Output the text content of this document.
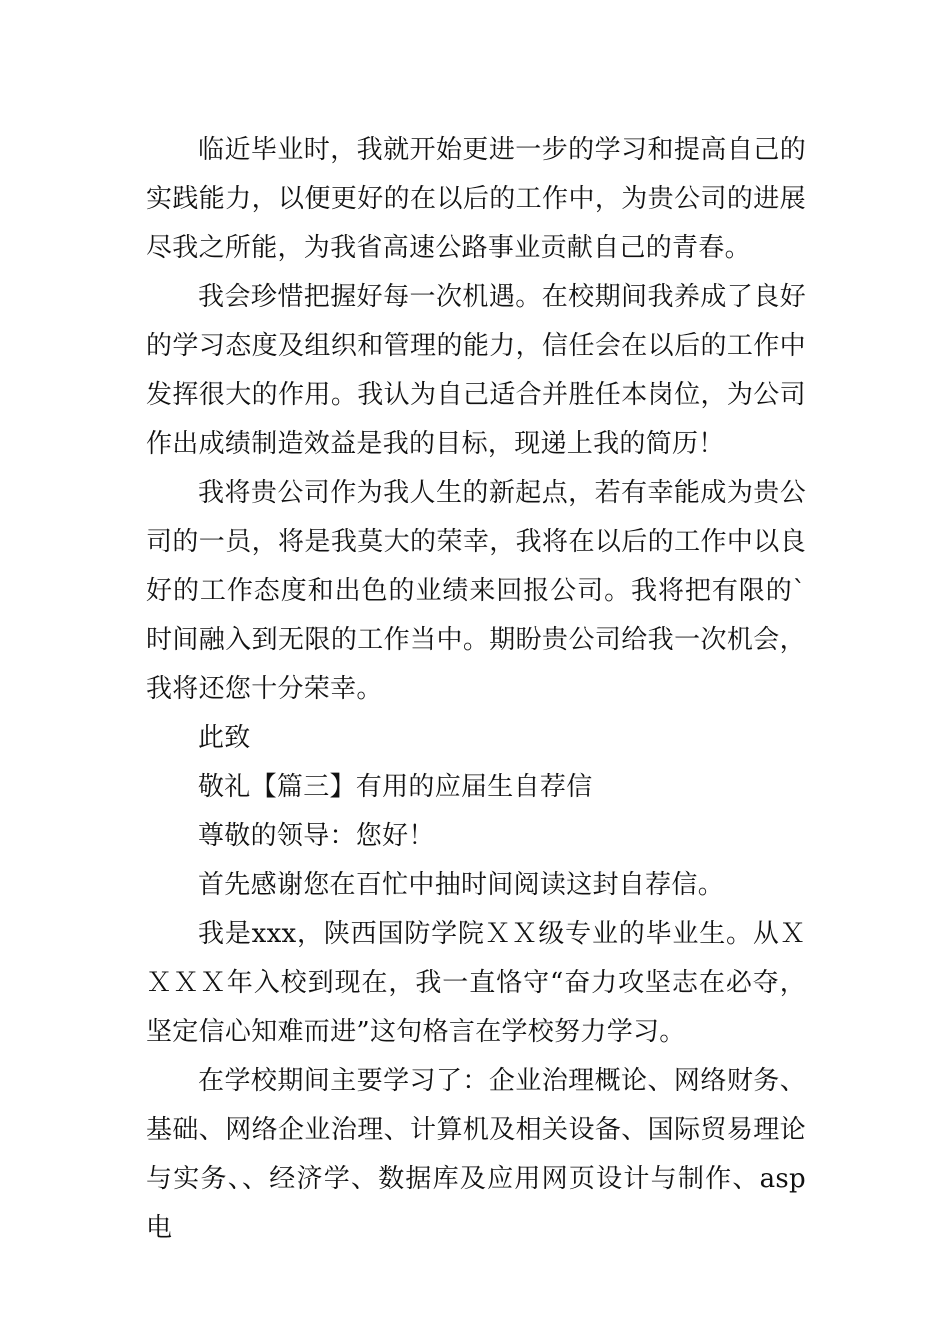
临近毕业时，我就开始更进一步的学习和提高自己的实践能力，以便更好的在以后的工作中，为贵公司的进展尽我之所能，为我省高速公路事业贡献自己的青春。

我会珍惜把握好每一次机遇。在校期间我养成了良好的学习态度及组织和管理的能力，信任会在以后的工作中发挥很大的作用。我认为自己适合并胜任本岗位，为公司作出成绩制造效益是我的目标，现递上我的简历！

我将贵公司作为我人生的新起点，若有幸能成为贵公司的一员，将是我莫大的荣幸，我将在以后的工作中以良好的工作态度和出色的业绩来回报公司。我将把有限的`时间融入到无限的工作当中。期盼贵公司给我一次机会，我将还您十分荣幸。

此致

敬礼【篇三】有用的应届生自荐信

尊敬的领导：您好！

首先感谢您在百忙中抽时间阅读这封自荐信。

我是xxx，陕西国防学院ＸＸ级专业的毕业生。从ＸＸＸＸ年入校到现在，我一直恪守“奋力攻坚志在必夺，坚定信心知难而进”这句格言在学校努力学习。

在学校期间主要学习了：企业治理概论、网络财务、基础、网络企业治理、计算机及相关设备、国际贸易理论与实务、、经济学、数据库及应用网页设计与制作、asp电
